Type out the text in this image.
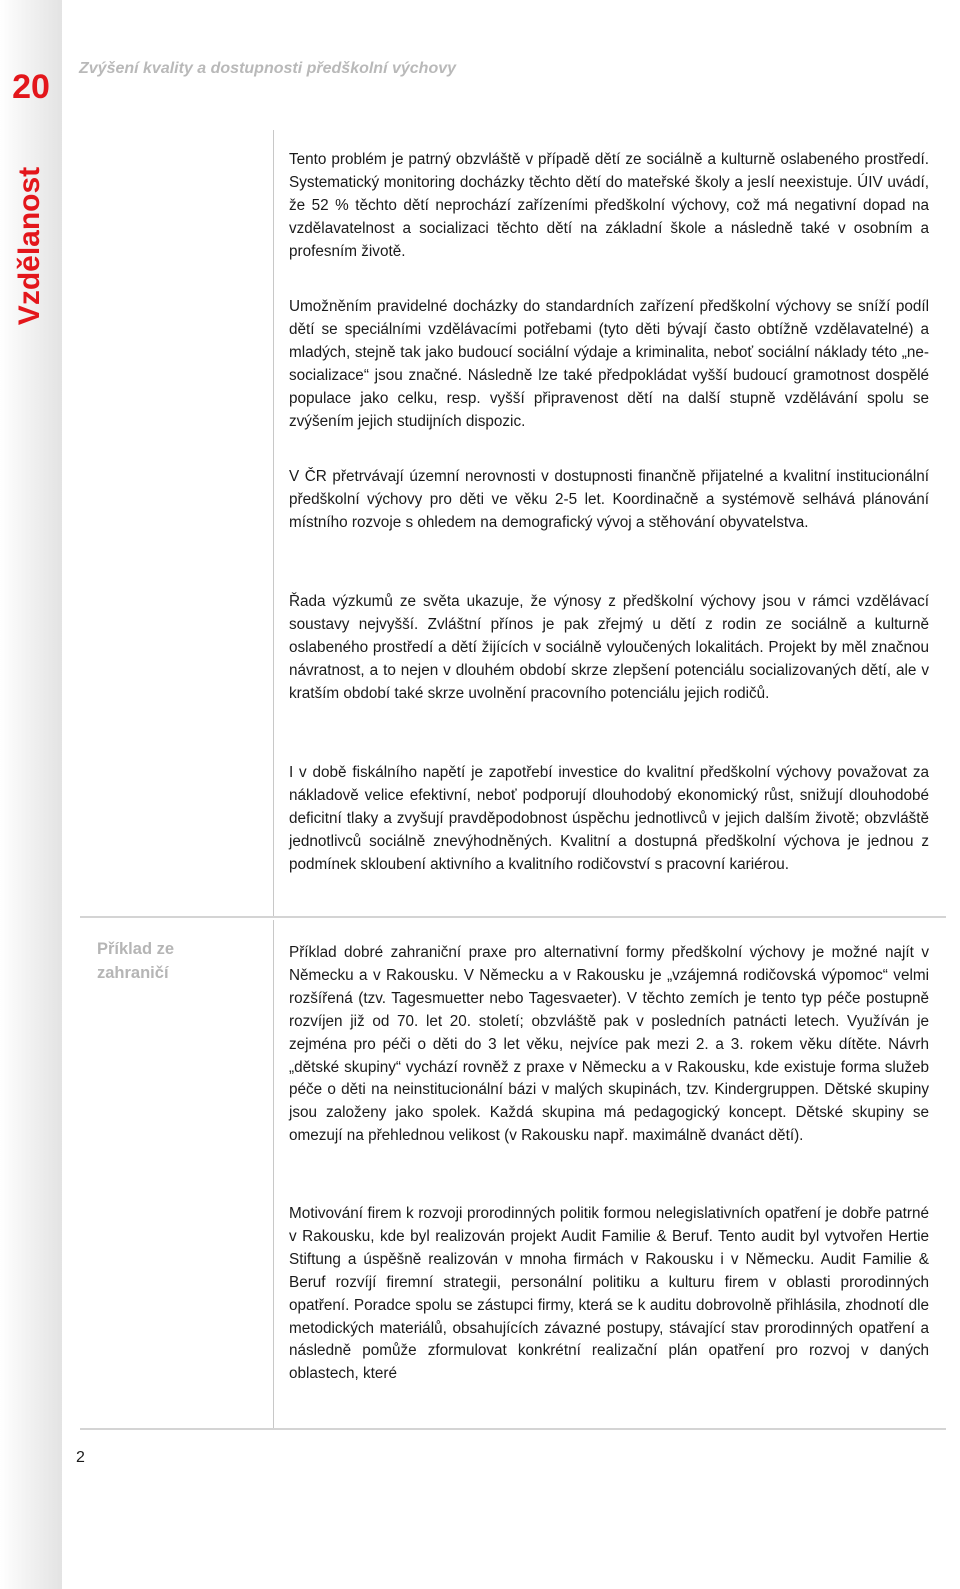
20
Vzdělanost
Zvýšení kvality a dostupnosti předškolní výchovy

Tento problém je patrný obzvláště v případě dětí ze sociálně a kulturně oslabeného prostředí. Systematický monitoring docházky těchto dětí do mateřské školy a jeslí neexistuje. ÚIV uvádí, že 52 % těchto dětí neprochází zařízeními předškolní výchovy, což má negativní dopad na vzdělavatelnost a socializaci těchto dětí na základní škole a následně také v osobním a profesním životě.

Umožněním pravidelné docházky do standardních zařízení předškolní výchovy se sníží podíl dětí se speciálními vzdělávacími potřebami (tyto děti bývají často obtížně vzdělavatelné) a mladých, stejně tak jako budoucí sociální výdaje a kriminalita, neboť sociální náklady této „ne-socializace“ jsou značné. Následně lze také předpokládat vyšší budoucí gramotnost dospělé populace jako celku, resp. vyšší připravenost dětí na další stupně vzdělávání spolu se zvýšením jejich studijních dispozic.

V ČR přetrvávají územní nerovnosti v dostupnosti finančně přijatelné a kvalitní institucionální předškolní výchovy pro děti ve věku 2-5 let. Koordinačně a systémově selhává plánování místního rozvoje s ohledem na demografický vývoj a stěhování obyvatelstva.

Řada výzkumů ze světa ukazuje, že výnosy z předškolní výchovy jsou v rámci vzdělávací soustavy nejvyšší. Zvláštní přínos je pak zřejmý u dětí z rodin ze sociálně a kulturně oslabeného prostředí a dětí žijících v sociálně vyloučených lokalitách. Projekt by měl značnou návratnost, a to nejen v dlouhém období skrze zlepšení potenciálu socializovaných dětí, ale v kratším období také skrze uvolnění pracovního potenciálu jejich rodičů.

I v době fiskálního napětí je zapotřebí investice do kvalitní předškolní výchovy považovat za nákladově velice efektivní, neboť podporují dlouhodobý ekonomický růst, snižují dlouhodobé deficitní tlaky a zvyšují pravděpodobnost úspěchu jednotlivců v jejich dalším životě; obzvláště jednotlivců sociálně znevýhodněných. Kvalitní a dostupná předškolní výchova je jednou z podmínek skloubení aktivního a kvalitního rodičovství s pracovní kariérou.

Příklad ze zahraničí

Příklad dobré zahraniční praxe pro alternativní formy předškolní výchovy je možné najít v Německu a v Rakousku. V Německu a v Rakousku je „vzájemná rodičovská výpomoc“ velmi rozšířená (tzv. Tagesmuetter nebo Tagesvaeter). V těchto zemích je tento typ péče postupně rozvíjen již od 70. let 20. století; obzvláště pak v posledních patnácti letech. Využíván je zejména pro péči o děti do 3 let věku, nejvíce pak mezi 2. a 3. rokem věku dítěte. Návrh „dětské skupiny“ vychází rovněž z praxe v Německu a v Rakousku, kde existuje forma služeb péče o děti na neinstitucionální bázi v malých skupinách, tzv. Kindergruppen. Dětské skupiny jsou založeny jako spolek. Každá skupina má pedagogický koncept. Dětské skupiny se omezují na přehlednou velikost (v Rakousku např. maximálně dvanáct dětí).

Motivování firem k rozvoji prorodinných politik formou nelegislativních opatření je dobře patrné v Rakousku, kde byl realizován projekt Audit Familie & Beruf. Tento audit byl vytvořen Hertie Stiftung a úspěšně realizován v mnoha firmách v Rakousku i v Německu. Audit Familie & Beruf rozvíjí firemní strategii, personální politiku a kulturu firem v oblasti prorodinných opatření. Poradce spolu se zástupci firmy, která se k auditu dobrovolně přihlásila, zhodnotí dle metodických materiálů, obsahujících závazné postupy, stávající stav prorodinných opatření a následně pomůže zformulovat konkrétní realizační plán opatření pro rozvoj v daných oblastech, které

2
